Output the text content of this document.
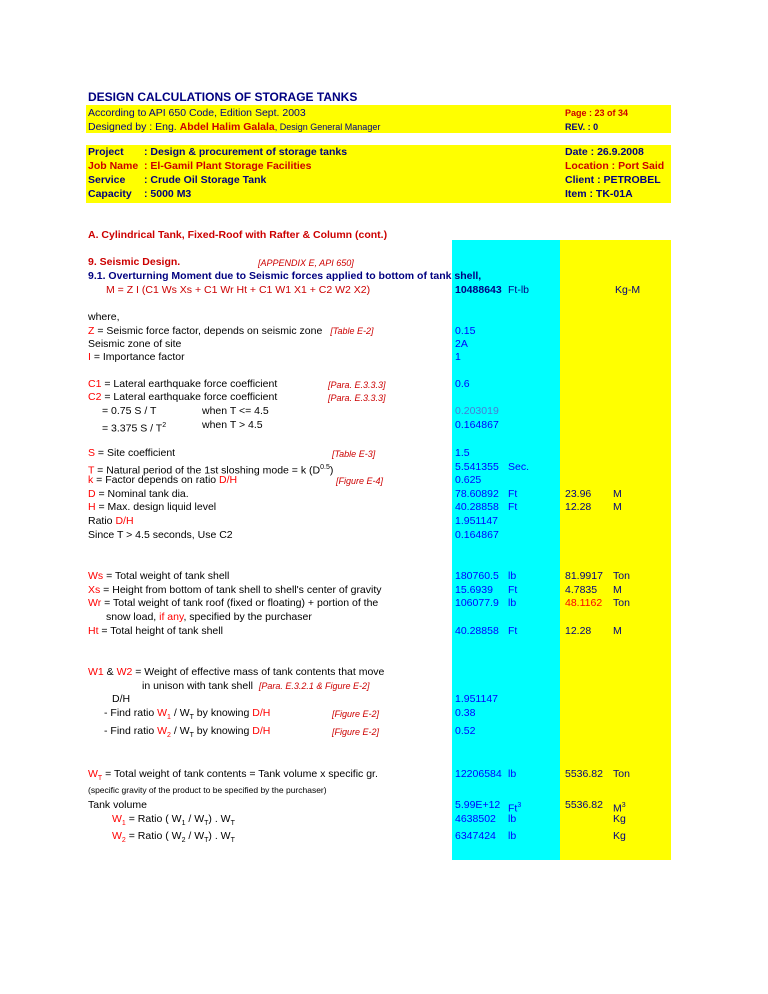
DESIGN CALCULATIONS OF STORAGE TANKS
According to API 650 Code, Edition Sept. 2003
Designed by : Eng. Abdel Halim Galala, Design General Manager
Page : 23 of 34
REV. : 0
Project : Design & procurement of storage tanks
Job Name : El-Gamil Plant Storage Facilities
Service : Crude Oil Storage Tank
Capacity : 5000 M3
Date : 26.9.2008
Location : Port Said
Client : PETROBEL
Item : TK-01A
A. Cylindrical Tank, Fixed-Roof with Rafter & Column (cont.)
9. Seismic Design.	[APPENDIX E, API 650]
9.1. Overturning Moment due to Seismic forces applied to bottom of tank shell,
M = Z I (C1 Ws Xs + C1 Wr Ht + C1 W1 X1 + C2 W2 X2)	10488643 Ft-lb	Kg-M
where,
Z = Seismic force factor, depends on seismic zone [Table E-2]	0.15
Seismic zone of site	2A
I = Importance factor	1
C1 = Lateral earthquake force coefficient	[Para. E.3.3.3]	0.6
C2 = Lateral earthquake force coefficient	[Para. E.3.3.3]
= 0.75 S / T	when T <= 4.5	0.203019
= 3.375 S / $T^2$	when T > 4.5	0.164867
S = Site coefficient	[Table E-3]	1.5
T = Natural period of the 1st sloshing mode = k $(D^{0.5})$	5.541355 Sec.
k = Factor depends on ratio D/H	[Figure E-4]	0.625
D = Nominal tank dia.	78.60892 Ft	23.96 M
H = Max. design liquid level	40.28858 Ft	12.28 M
Ratio D/H	1.951147
Since T > 4.5 seconds, Use C2	0.164867
Ws = Total weight of tank shell	180760.5 lb	81.9917 Ton
Xs = Height from bottom of tank shell to shell's center of gravity	15.6939 Ft	4.7835 M
Wr = Total weight of tank roof (fixed or floating) + portion of the	106077.9 lb	48.1162 Ton
snow load, if any, specified by the purchaser
Ht = Total height of tank shell	40.28858 Ft	12.28 M
W1 & W2 = Weight of effective mass of tank contents that move
in unison with tank shell [Para. E.3.2.1 & Figure E-2]
D/H	1.951147
- Find ratio $W_1 / W_T$ by knowing D/H	[Figure E-2]	0.38
- Find ratio $W_2 / W_T$ by knowing D/H	[Figure E-2]	0.52
$W_T$ = Total weight of tank contents = Tank volume x specific gr.	12206584 lb	5536.82 Ton
(specific gravity of the product to be specified by the purchaser)
Tank volume	5.99E+12 Ft$^3$	5536.82 $M^3$
$W_1$ = Ratio ( $W_1 / W_T$) . $W_T$	4638502 lb	Kg
$W_2$ = Ratio ( $W_2 / W_T$) . $W_T$	6347424 lb	Kg
